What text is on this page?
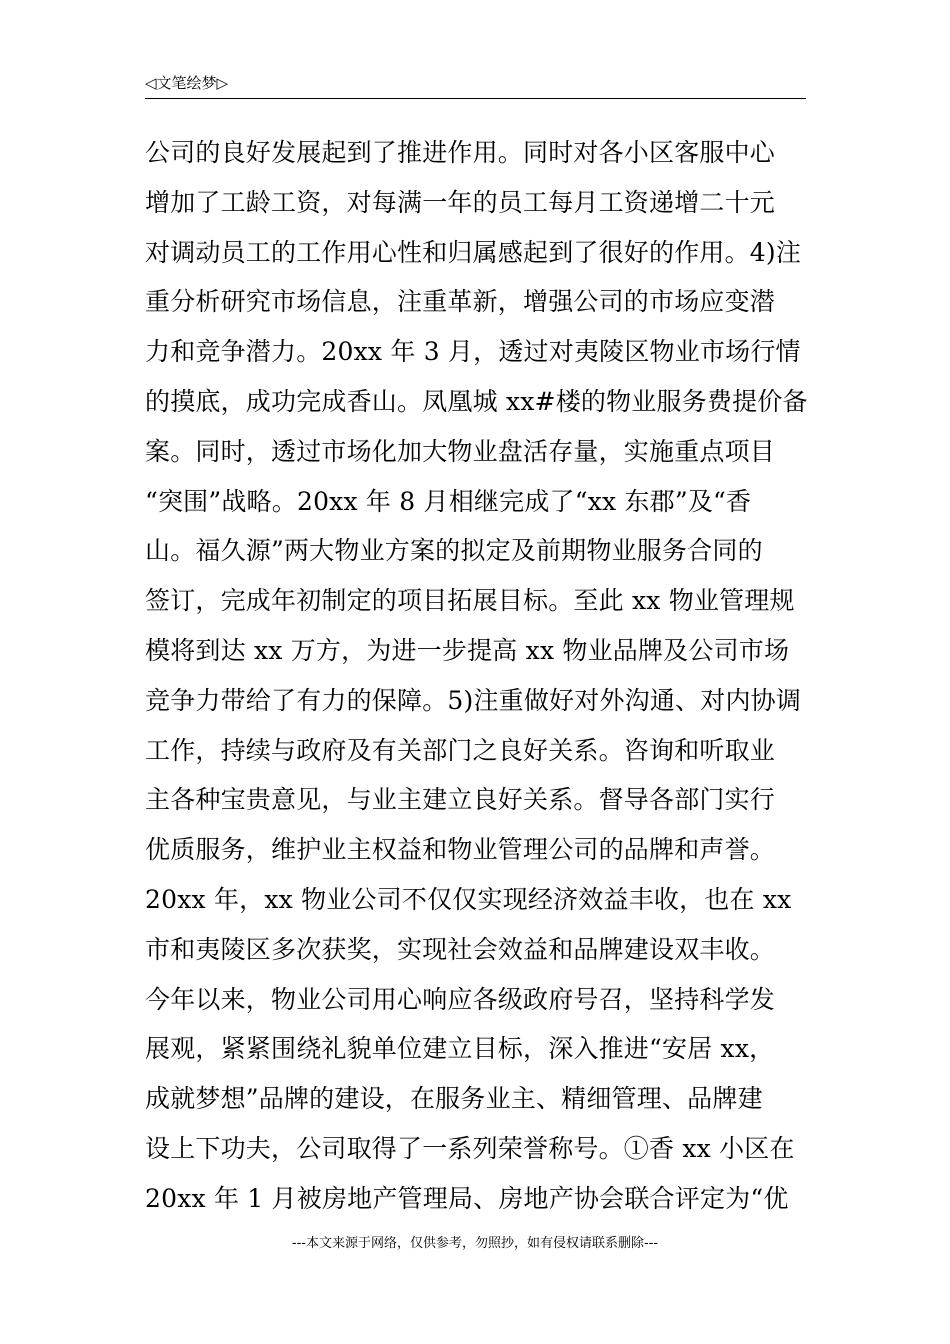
◁文笔绘梦▷
公司的良好发展起到了推进作用。同时对各小区客服中心
增加了工龄工资，对每满一年的员工每月工资递增二十元
对调动员工的工作用心性和归属感起到了很好的作用。4)注
重分析研究市场信息，注重革新，增强公司的市场应变潜
力和竞争潜力。20xx 年 3 月，透过对夷陵区物业市场行情
的摸底，成功完成香山。凤凰城 xx#楼的物业服务费提价备
案。同时，透过市场化加大物业盘活存量，实施重点项目
“突围”战略。20xx 年 8 月相继完成了“xx 东郡”及“香
山。福久源”两大物业方案的拟定及前期物业服务合同的
签订，完成年初制定的项目拓展目标。至此 xx 物业管理规
模将到达 xx 万方，为进一步提高 xx 物业品牌及公司市场
竞争力带给了有力的保障。5)注重做好对外沟通、对内协调
工作，持续与政府及有关部门之良好关系。咨询和听取业
主各种宝贵意见，与业主建立良好关系。督导各部门实行
优质服务，维护业主权益和物业管理公司的品牌和声誉。
20xx 年，xx 物业公司不仅仅实现经济效益丰收，也在 xx
市和夷陵区多次获奖，实现社会效益和品牌建设双丰收。
今年以来，物业公司用心响应各级政府号召，坚持科学发
展观，紧紧围绕礼貌单位建立目标，深入推进“安居 xx，
成就梦想”品牌的建设，在服务业主、精细管理、品牌建
设上下功夫，公司取得了一系列荣誉称号。①香 xx 小区在
20xx 年 1 月被房地产管理局、房地产协会联合评定为“优
---本文来源于网络，仅供参考，勿照抄，如有侵权请联系删除---
